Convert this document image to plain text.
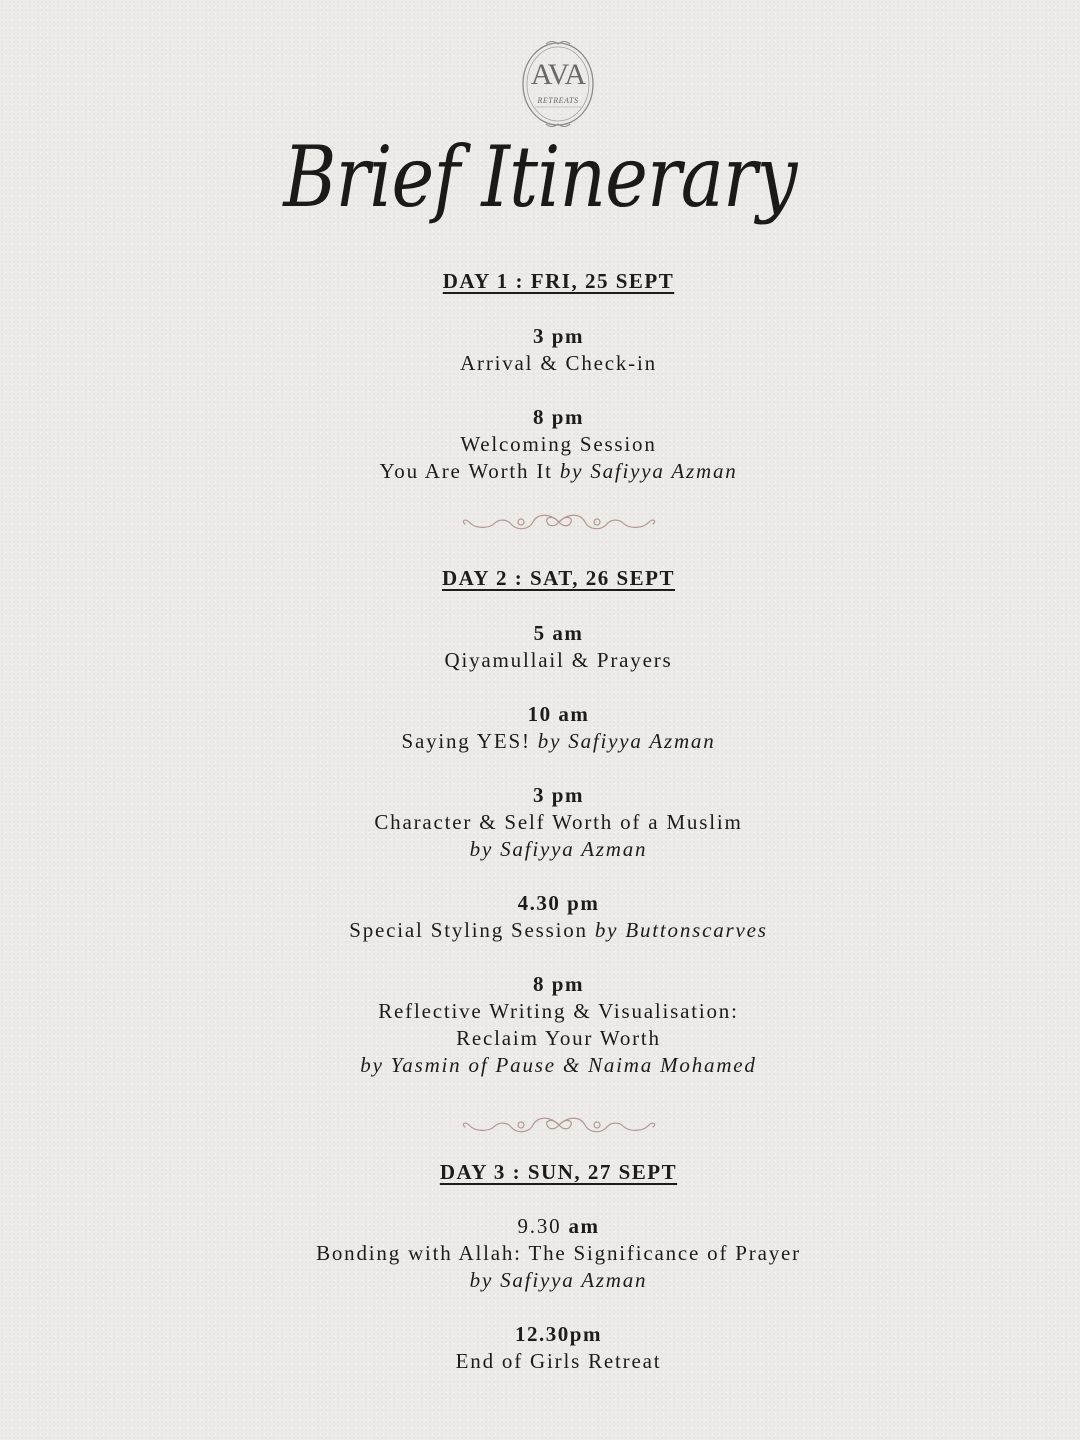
AVA
RETREATS
Brief Itinerary
DAY 1 : FRI, 25 SEPT
3 pm
Arrival & Check-in
8 pm
Welcoming Session
You Are Worth It by Safiyya Azman
DAY 2 : SAT, 26 SEPT
5 am
Qiyamullail & Prayers
10 am
Saying YES! by Safiyya Azman
3 pm
Character & Self Worth of a Muslim
by Safiyya Azman
4.30 pm
Special Styling Session by Buttonscarves
8 pm
Reflective Writing & Visualisation:
Reclaim Your Worth
by Yasmin of Pause & Naima Mohamed
DAY 3 : SUN, 27 SEPT
9.30 am
Bonding with Allah: The Significance of Prayer
by Safiyya Azman
12.30pm
End of Girls Retreat
